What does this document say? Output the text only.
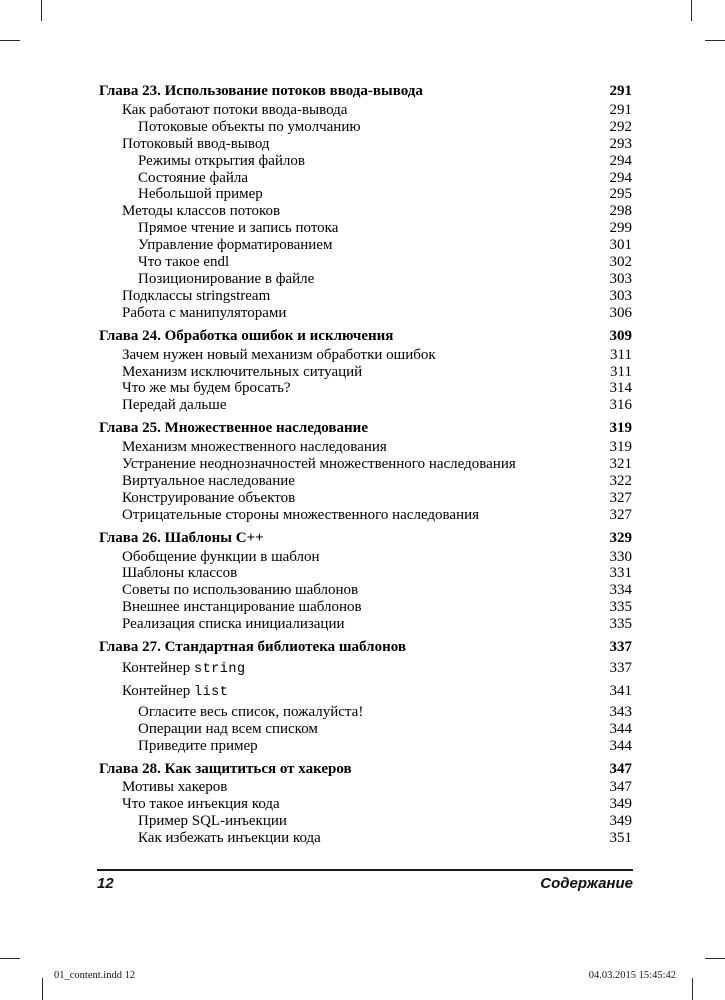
Глава 23. Использование потоков ввода-вывода	291
Как работают потоки ввода-вывода	291
Потоковые объекты по умолчанию	292
Потоковый ввод-вывод	293
Режимы открытия файлов	294
Состояние файла	294
Небольшой пример	295
Методы классов потоков	298
Прямое чтение и запись потока	299
Управление форматированием	301
Что такое endl	302
Позиционирование в файле	303
Подклассы stringstream	303
Работа с манипуляторами	306
Глава 24. Обработка ошибок и исключения	309
Зачем нужен новый механизм обработки ошибок	311
Механизм исключительных ситуаций	311
Что же мы будем бросать?	314
Передай дальше	316
Глава 25. Множественное наследование	319
Механизм множественного наследования	319
Устранение неоднозначностей множественного наследования	321
Виртуальное наследование	322
Конструирование объектов	327
Отрицательные стороны множественного наследования	327
Глава 26. Шаблоны C++	329
Обобщение функции в шаблон	330
Шаблоны классов	331
Советы по использованию шаблонов	334
Внешнее инстанцирование шаблонов	335
Реализация списка инициализации	335
Глава 27. Стандартная библиотека шаблонов	337
Контейнер string	337
Контейнер list	341
Огласите весь список, пожалуйста!	343
Операции над всем списком	344
Приведите пример	344
Глава 28. Как защититься от хакеров	347
Мотивы хакеров	347
Что такое инъекция кода	349
Пример SQL-инъекции	349
Как избежать инъекции кода	351
12	Содержание
01_content.indd 12	04.03.2015 15:45:42
